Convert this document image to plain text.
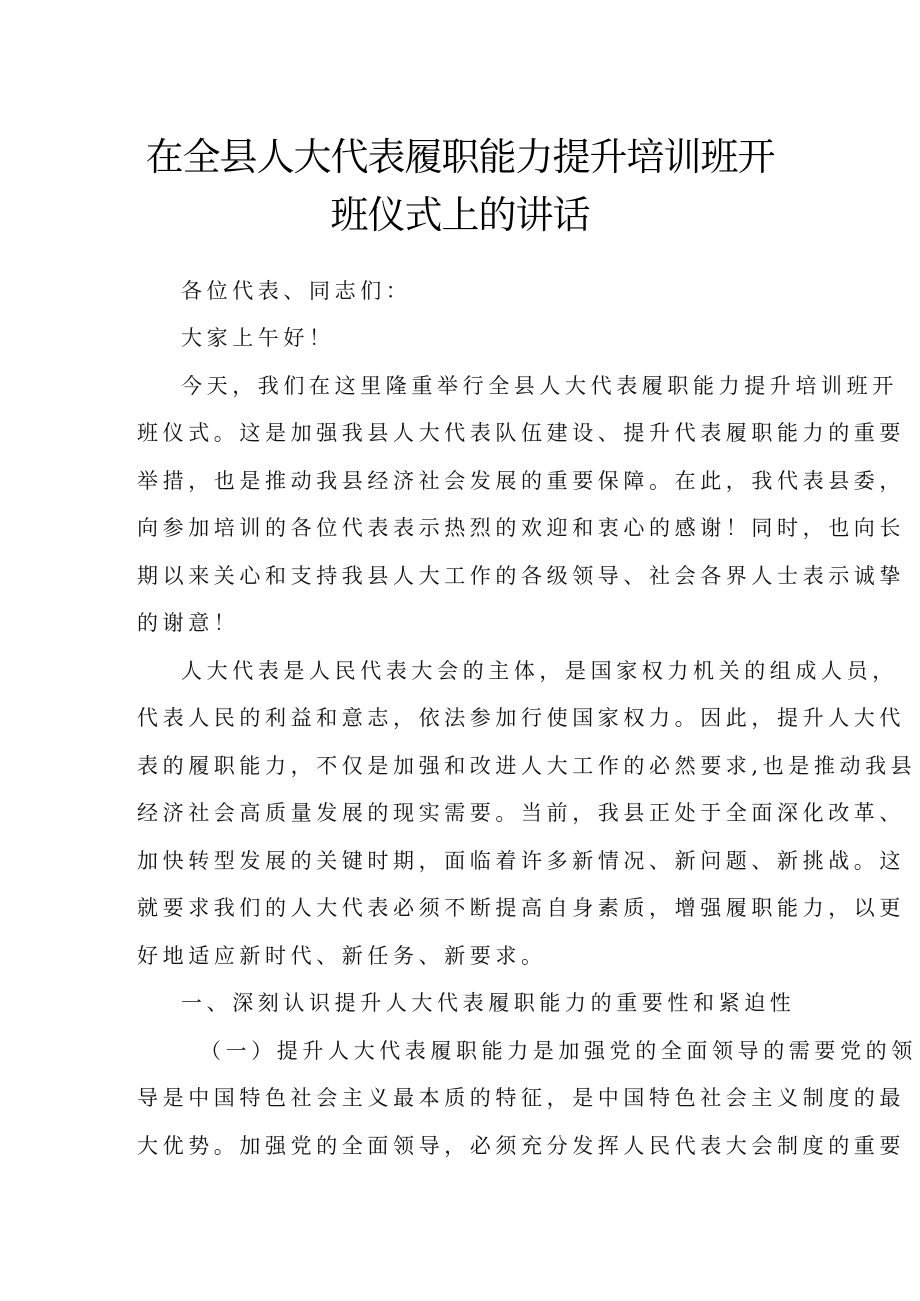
在全县人大代表履职能力提升培训班开
班仪式上的讲话
各位代表、同志们：
大家上午好！
今天，我们在这里隆重举行全县人大代表履职能力提升培训班开
班仪式。这是加强我县人大代表队伍建设、提升代表履职能力的重要
举措，也是推动我县经济社会发展的重要保障。在此，我代表县委，
向参加培训的各位代表表示热烈的欢迎和衷心的感谢！同时，也向长
期以来关心和支持我县人大工作的各级领导、社会各界人士表示诚挚
的谢意！
人大代表是人民代表大会的主体，是国家权力机关的组成人员，
代表人民的利益和意志，依法参加行使国家权力。因此，提升人大代
表的履职能力，不仅是加强和改进人大工作的必然要求,也是推动我县
经济社会高质量发展的现实需要。当前，我县正处于全面深化改革、
加快转型发展的关键时期，面临着许多新情况、新问题、新挑战。这
就要求我们的人大代表必须不断提高自身素质，增强履职能力，以更
好地适应新时代、新任务、新要求。
一、深刻认识提升人大代表履职能力的重要性和紧迫性
（一）提升人大代表履职能力是加强党的全面领导的需要党的领
导是中国特色社会主义最本质的特征，是中国特色社会主义制度的最
大优势。加强党的全面领导，必须充分发挥人民代表大会制度的重要
